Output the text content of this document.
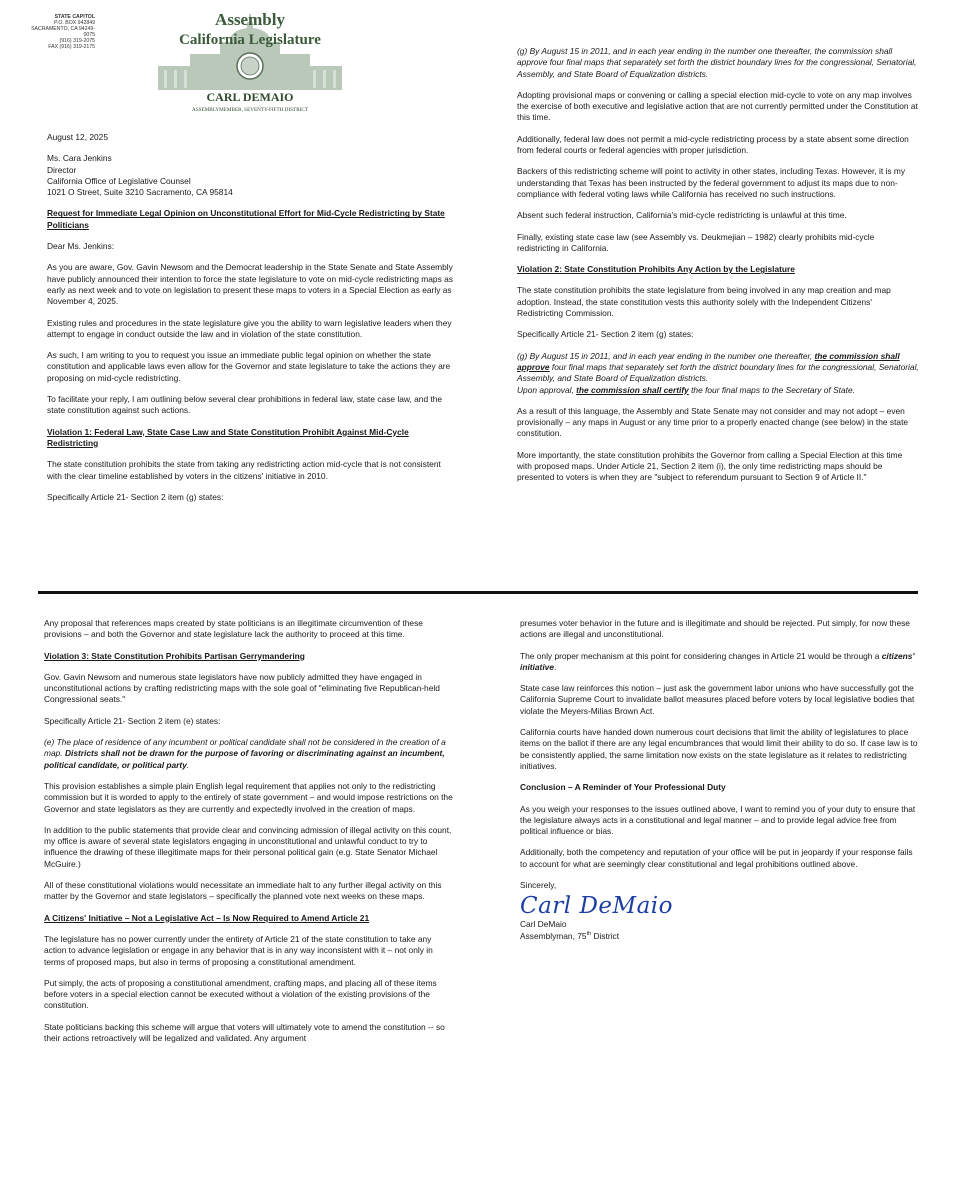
STATE CAPITOL
P.O. BOX 942849
SACRAMENTO, CA 94249-0075
(916) 319-2075
FAX (916) 319-2175
Assembly
California Legislature
CARL DEMAIO
ASSEMBLYMEMBER, SEVENTY-FIFTH DISTRICT

August 12, 2025

Ms. Cara Jenkins

Director

California Office of Legislative Counsel

1021 O Street, Suite 3210 Sacramento, CA 95814

Request for Immediate Legal Opinion on Unconstitutional Effort for Mid-Cycle Redistricting by State Politicians

Dear Ms. Jenkins:

As you are aware, Gov. Gavin Newsom and the Democrat leadership in the State Senate and State Assembly have publicly announced their intention to force the state legislature to vote on mid-cycle redistricting maps as early as next week and to vote on legislation to present these maps to voters in a Special Election as early as November 4, 2025.

Existing rules and procedures in the state legislature give you the ability to warn legislative leaders when they attempt to engage in conduct outside the law and in violation of the state constitution.

As such, I am writing to you to request you issue an immediate public legal opinion on whether the state constitution and applicable laws even allow for the Governor and state legislature to take the actions they are proposing on mid-cycle redistricting.

To facilitate your reply, I am outlining below several clear prohibitions in federal law, state case law, and the state constitution against such actions.

Violation 1: Federal Law, State Case Law and State Constitution Prohibit Against Mid-Cycle Redistricting

The state constitution prohibits the state from taking any redistricting action mid-cycle that is not consistent with the clear timeline established by voters in the citizens' initiative in 2010.

Specifically Article 21- Section 2 item (g) states:

(g) By August 15 in 2011, and in each year ending in the number one thereafter, the commission shall approve four final maps that separately set forth the district boundary lines for the congressional, Senatorial, Assembly, and State Board of Equalization districts.

Adopting provisional maps or convening or calling a special election mid-cycle to vote on any map involves the exercise of both executive and legislative action that are not currently permitted under the Constitution at this time.

Additionally, federal law does not permit a mid-cycle redistricting process by a state absent some direction from federal courts or federal agencies with proper jurisdiction.

Backers of this redistricting scheme will point to activity in other states, including Texas. However, it is my understanding that Texas has been instructed by the federal government to adjust its maps due to non-compliance with federal voting laws while California has received no such instructions.

Absent such federal instruction, California's mid-cycle redistricting is unlawful at this time.

Finally, existing state case law (see Assembly vs. Deukmejian – 1982) clearly prohibits mid-cycle redistricting in California.

Violation 2: State Constitution Prohibits Any Action by the Legislature

The state constitution prohibits the state legislature from being involved in any map creation and map adoption. Instead, the state constitution vests this authority solely with the Independent Citizens' Redistricting Commission.

Specifically Article 21- Section 2 item (g) states:

(g) By August 15 in 2011, and in each year ending in the number one thereafter, the commission shall approve four final maps that separately set forth the district boundary lines for the congressional, Senatorial, Assembly, and State Board of Equalization districts.
Upon approval, the commission shall certify the four final maps to the Secretary of State.

As a result of this language, the Assembly and State Senate may not consider and may not adopt – even provisionally – any maps in August or any time prior to a properly enacted change (see below) in the state constitution.

More importantly, the state constitution prohibits the Governor from calling a Special Election at this time with proposed maps. Under Article 21, Section 2 item (i), the only time redistricting maps should be presented to voters is when they are "subject to referendum pursuant to Section 9 of Article II."

Any proposal that references maps created by state politicians is an illegitimate circumvention of these provisions – and both the Governor and state legislature lack the authority to proceed at this time.

Violation 3: State Constitution Prohibits Partisan Gerrymandering

Gov. Gavin Newsom and numerous state legislators have now publicly admitted they have engaged in unconstitutional actions by crafting redistricting maps with the sole goal of "eliminating five Republican-held Congressional seats."

Specifically Article 21- Section 2 item (e) states:

(e) The place of residence of any incumbent or political candidate shall not be considered in the creation of a map. Districts shall not be drawn for the purpose of favoring or discriminating against an incumbent, political candidate, or political party.

This provision establishes a simple plain English legal requirement that applies not only to the redistricting commission but it is worded to apply to the entirely of state government – and would impose restrictions on the Governor and state legislators as they are currently and expectedly involved in the creation of maps.

In addition to the public statements that provide clear and convincing admission of illegal activity on this count, my office is aware of several state legislators engaging in unconstitutional and unlawful conduct to try to influence the drawing of these illegitimate maps for their personal political gain (e.g. State Senator Michael McGuire.)

All of these constitutional violations would necessitate an immediate halt to any further illegal activity on this matter by the Governor and state legislators – specifically the planned vote next weeks on these maps.

A Citizens' Initiative – Not a Legislative Act – Is Now Required to Amend Article 21

The legislature has no power currently under the entirety of Article 21 of the state constitution to take any action to advance legislation or engage in any behavior that is in any way inconsistent with it – not only in terms of proposed maps, but also in terms of proposing a constitutional amendment.

Put simply, the acts of proposing a constitutional amendment, crafting maps, and placing all of these items before voters in a special election cannot be executed without a violation of the existing provisions of the constitution.

State politicians backing this scheme will argue that voters will ultimately vote to amend the constitution -- so their actions retroactively will be legalized and validated. Any argument

presumes voter behavior in the future and is illegitimate and should be rejected. Put simply, for now these actions are illegal and unconstitutional.

The only proper mechanism at this point for considering changes in Article 21 would be through a citizens' initiative.

State case law reinforces this notion – just ask the government labor unions who have successfully got the California Supreme Court to invalidate ballot measures placed before voters by local legislative bodies that violate the Meyers-Milias Brown Act.

California courts have handed down numerous court decisions that limit the ability of legislatures to place items on the ballot if there are any legal encumbrances that would limit their ability to do so. If case law is to be consistently applied, the same limitation now exists on the state legislature as it relates to redistricting initiatives.

Conclusion – A Reminder of Your Professional Duty

As you weigh your responses to the issues outlined above, I want to remind you of your duty to ensure that the legislature always acts in a constitutional and legal manner – and to provide legal advice free from political influence or bias.

Additionally, both the competency and reputation of your office will be put in jeopardy if your response fails to account for what are seemingly clear constitutional and legal prohibitions outlined above.

Sincerely,

Carl DeMaio

Carl DeMaio

Assemblyman, 75th District
